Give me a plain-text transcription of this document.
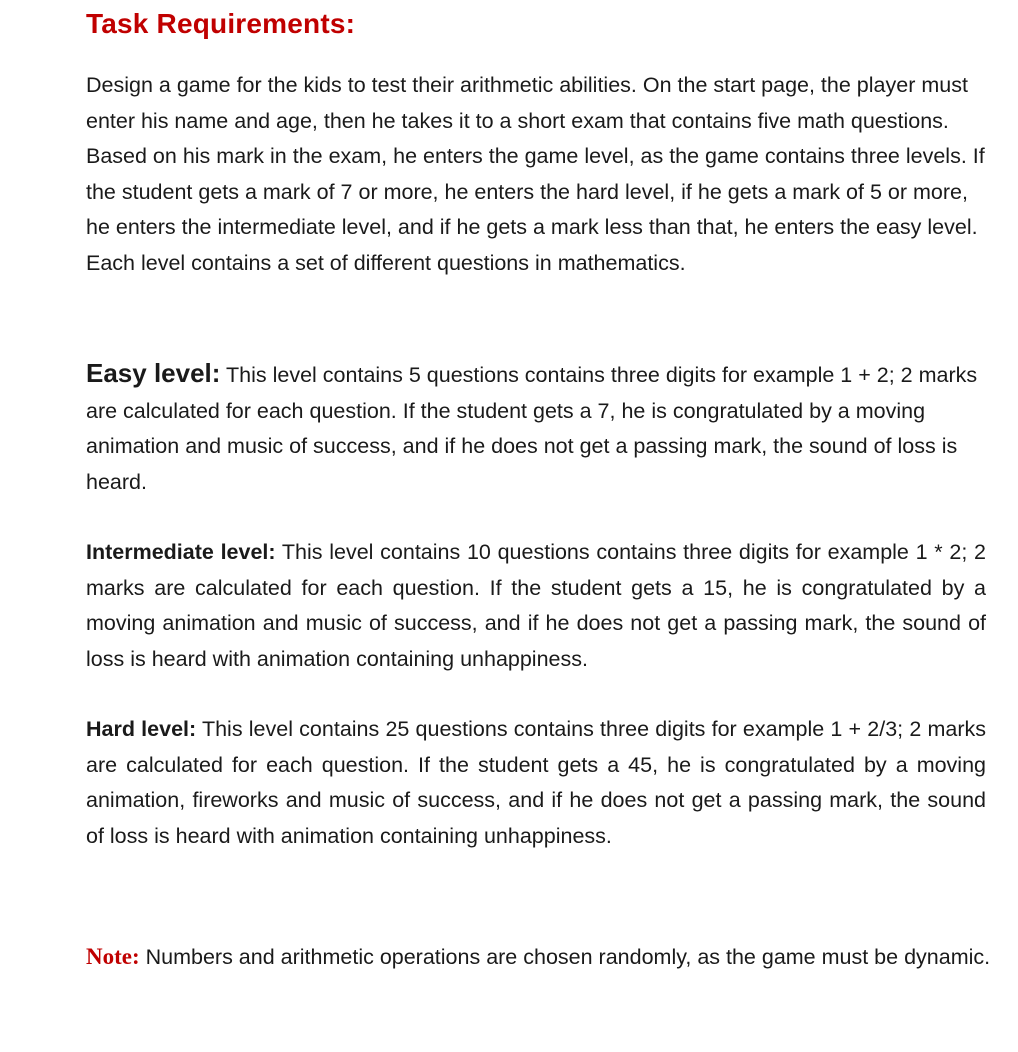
Task Requirements:

Design a game for the kids to test their arithmetic abilities. On the start page, the player must enter his name and age, then he takes it to a short exam that contains five math questions. Based on his mark in the exam, he enters the game level, as the game contains three levels. If the student gets a mark of 7 or more, he enters the hard level, if he gets a mark of 5 or more, he enters the intermediate level, and if he gets a mark less than that, he enters the easy level. Each level contains a set of different questions in mathematics.

Easy level: This level contains 5 questions contains three digits for example 1 + 2; 2 marks are calculated for each question. If the student gets a 7, he is congratulated by a moving animation and music of success, and if he does not get a passing mark, the sound of loss is heard.

Intermediate level: This level contains 10 questions contains three digits for example 1 * 2; 2 marks are calculated for each question. If the student gets a 15, he is congratulated by a moving animation and music of success, and if he does not get a passing mark, the sound of loss is heard with animation containing unhappiness.

Hard level: This level contains 25 questions contains three digits for example 1 + 2/3; 2 marks are calculated for each question. If the student gets a 45, he is congratulated by a moving animation, fireworks and music of success, and if he does not get a passing mark, the sound of loss is heard with animation containing unhappiness.

Note: Numbers and arithmetic operations are chosen randomly, as the game must be dynamic.
